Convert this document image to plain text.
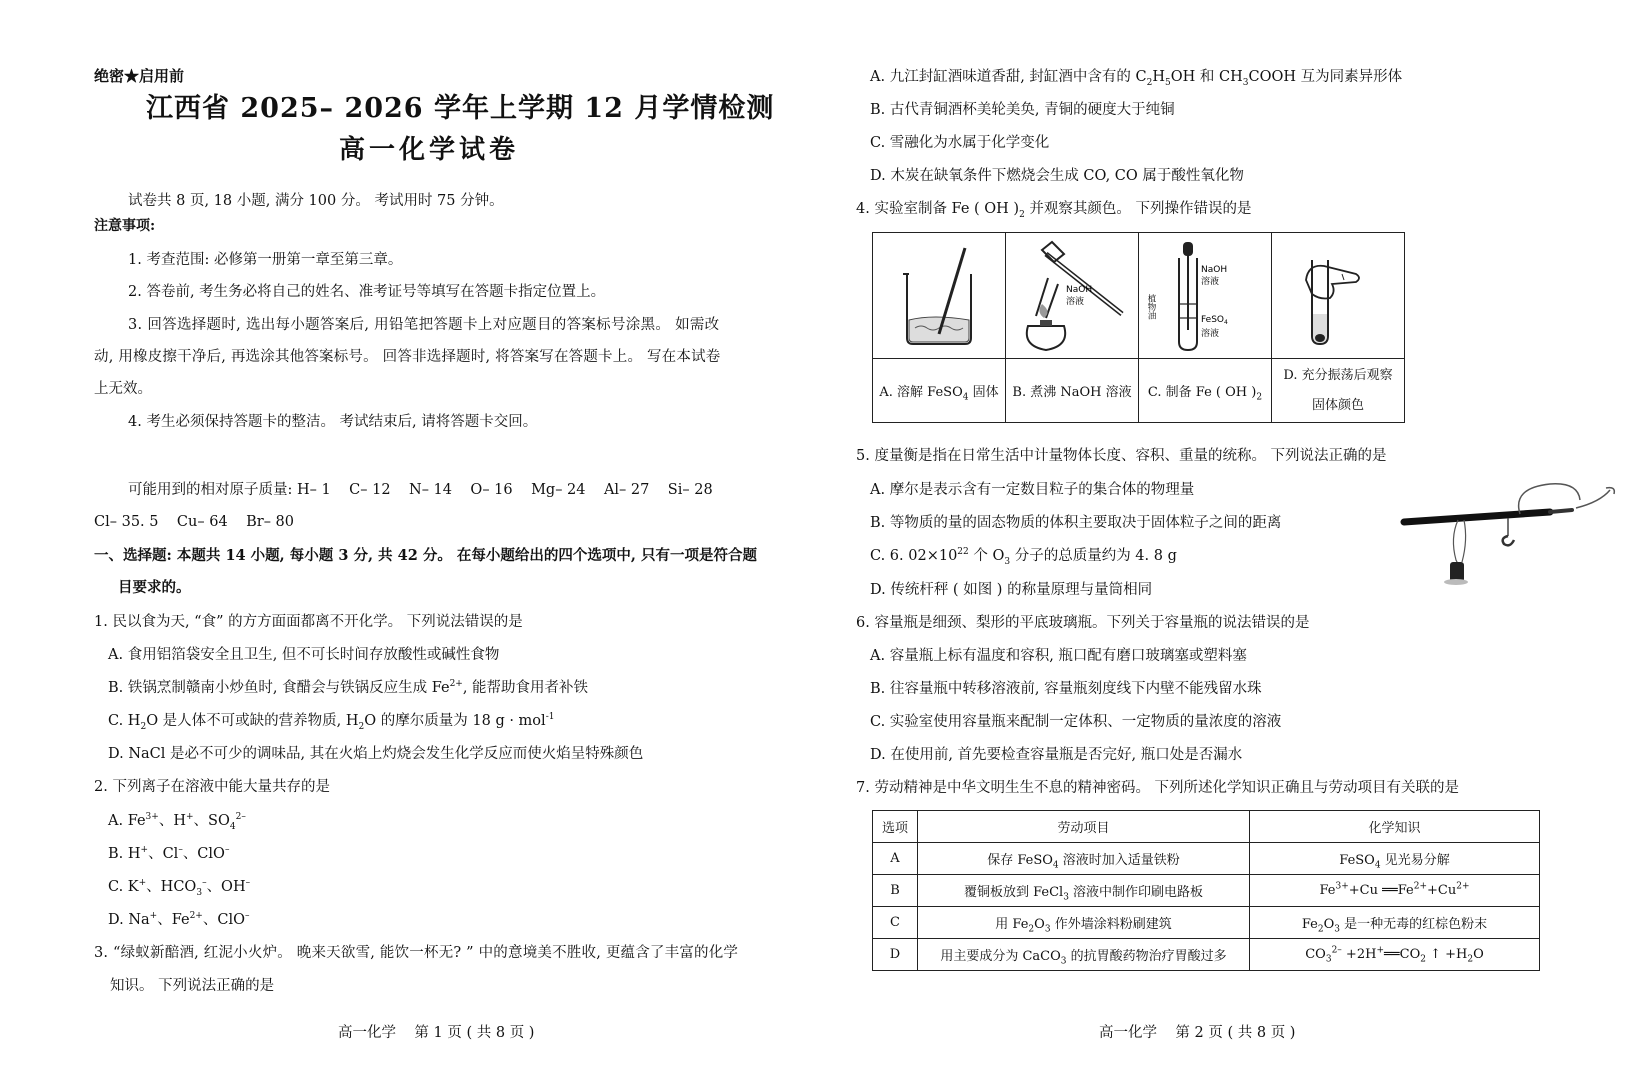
绝密★启用前
江西省 2025– 2026 学年上学期 12 月学情检测
高一化学试卷
试卷共 8 页, 18 小题, 满分 100 分。 考试用时 75 分钟。
注意事项:
1. 考查范围: 必修第一册第一章至第三章。
2. 答卷前, 考生务必将自己的姓名、准考证号等填写在答题卡指定位置上。
3. 回答选择题时, 选出每小题答案后, 用铅笔把答题卡上对应题目的答案标号涂黑。 如需改
动, 用橡皮擦干净后, 再选涂其他答案标号。 回答非选择题时, 将答案写在答题卡上。 写在本试卷
上无效。
4. 考生必须保持答题卡的整洁。 考试结束后, 请将答题卡交回。
可能用到的相对原子质量: H– 1    C– 12    N– 14    O– 16    Mg– 24    Al– 27    Si– 28
Cl– 35. 5    Cu– 64    Br– 80
一、选择题: 本题共 14 小题, 每小题 3 分, 共 42 分。 在每小题给出的四个选项中, 只有一项是符合题
目要求的。
1. 民以食为天, “食” 的方方面面都离不开化学。 下列说法错误的是
A. 食用铝箔袋安全且卫生, 但不可长时间存放酸性或碱性食物
B. 铁锅烹制赣南小炒鱼时, 食醋会与铁锅反应生成 $Fe^{2+}$, 能帮助食用者补铁
C. $H_2O$ 是人体不可或缺的营养物质, $H_2O$ 的摩尔质量为 18 g · mol$^{-1}$
D. NaCl 是必不可少的调味品, 其在火焰上灼烧会发生化学反应而使火焰呈特殊颜色
2. 下列离子在溶液中能大量共存的是
A. $Fe^{3+}$、H+、$SO_4^{2-}$
B. H+、Cl–、ClO–
C. K+、$HCO_3^-$、OH–
D. Na+、$Fe^{2+}$、ClO–
3. “绿蚁新醅酒, 红泥小火炉。 晚来天欲雪, 能饮一杯无? ” 中的意境美不胜收, 更蕴含了丰富的化学
知识。 下列说法正确的是
高一化学    第 1 页 ( 共 8 页 )
A. 九江封缸酒味道香甜, 封缸酒中含有的 $C_2H_5OH$ 和 $CH_3COOH$ 互为同素异形体
B. 古代青铜酒杯美轮美奂, 青铜的硬度大于纯铜
C. 雪融化为水属于化学变化
D. 木炭在缺氧条件下燃烧会生成 CO, CO 属于酸性氧化物
4. 实验室制备 Fe ( OH )$_2$ 并观察其颜色。 下列操作错误的是

NaOH
溶液	NaOH
溶液
植物油
FeSO$_4$
溶液

A. 溶解 FeSO$_4$ 固体	B. 煮沸 NaOH 溶液	C. 制备 Fe ( OH )$_2$	D. 充分振荡后观察
固体颜色
5. 度量衡是指在日常生活中计量物体长度、容积、重量的统称。 下列说法正确的是
A. 摩尔是表示含有一定数目粒子的集合体的物理量
B. 等物质的量的固态物质的体积主要取决于固体粒子之间的距离
C. 6. $02\times 10^{22}$ 个 $O_3$ 分子的总质量约为 4. 8 g
D. 传统杆秤 ( 如图 ) 的称量原理与量筒相同
6. 容量瓶是细颈、梨形的平底玻璃瓶。下列关于容量瓶的说法错误的是
A. 容量瓶上标有温度和容积, 瓶口配有磨口玻璃塞或塑料塞
B. 往容量瓶中转移溶液前, 容量瓶刻度线下内壁不能残留水珠
C. 实验室使用容量瓶来配制一定体积、一定物质的量浓度的溶液
D. 在使用前, 首先要检查容量瓶是否完好, 瓶口处是否漏水
7. 劳动精神是中华文明生生不息的精神密码。 下列所述化学知识正确且与劳动项目有关联的是
选项	劳动项目	化学知识
A	保存 FeSO$_4$ 溶液时加入适量铁粉	FeSO$_4$ 见光易分解
B	覆铜板放到 FeCl$_3$ 溶液中制作印刷电路板	$Fe^{3+}+Cu$ $══Fe^{2+}+Cu^{2+}$
C	用 $Fe_2O_3$ 作外墙涂料粉刷建筑	$Fe_2O_3$ 是一种无毒的红棕色粉末
D	用主要成分为 CaCO$_3$ 的抗胃酸药物治疗胃酸过多	$CO_3^{2-}$ $+2H^+══CO_2$ ↑ $+H_2O$
高一化学    第 2 页 ( 共 8 页 )
